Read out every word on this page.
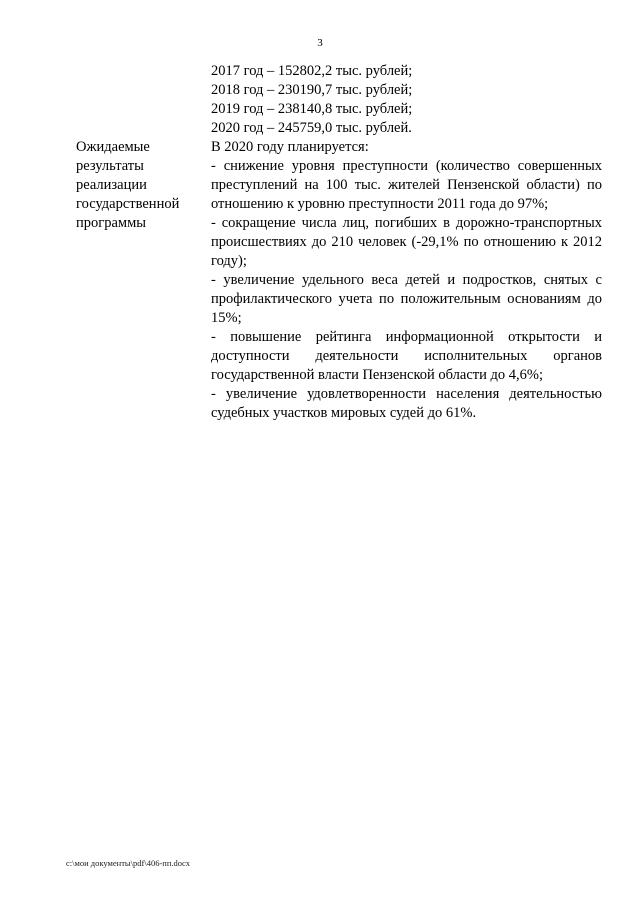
3
2017 год – 152802,2 тыс. рублей;
2018 год – 230190,7 тыс. рублей;
2019 год – 238140,8 тыс. рублей;
2020 год – 245759,0 тыс. рублей.
Ожидаемые
результаты
реализации
государственной
программы

В 2020 году планируется:

- снижение уровня преступности (количество совершенных преступлений на 100 тыс. жителей Пензенской области) по отношению к уровню преступности 2011 года до 97%;

- сокращение числа лиц, погибших в дорожно-транспортных происшествиях до 210 человек (-29,1% по отношению к 2012 году);

- увеличение удельного веса детей и подростков, снятых с профилактического учета по положительным основаниям до 15%;

- повышение рейтинга информационной открытости и доступности деятельности исполнительных органов государственной власти Пензенской области до 4,6%;

- увеличение удовлетворенности населения деятельностью судебных участков мировых судей до 61%.

c:\мои документы\pdf\406-пп.docx
